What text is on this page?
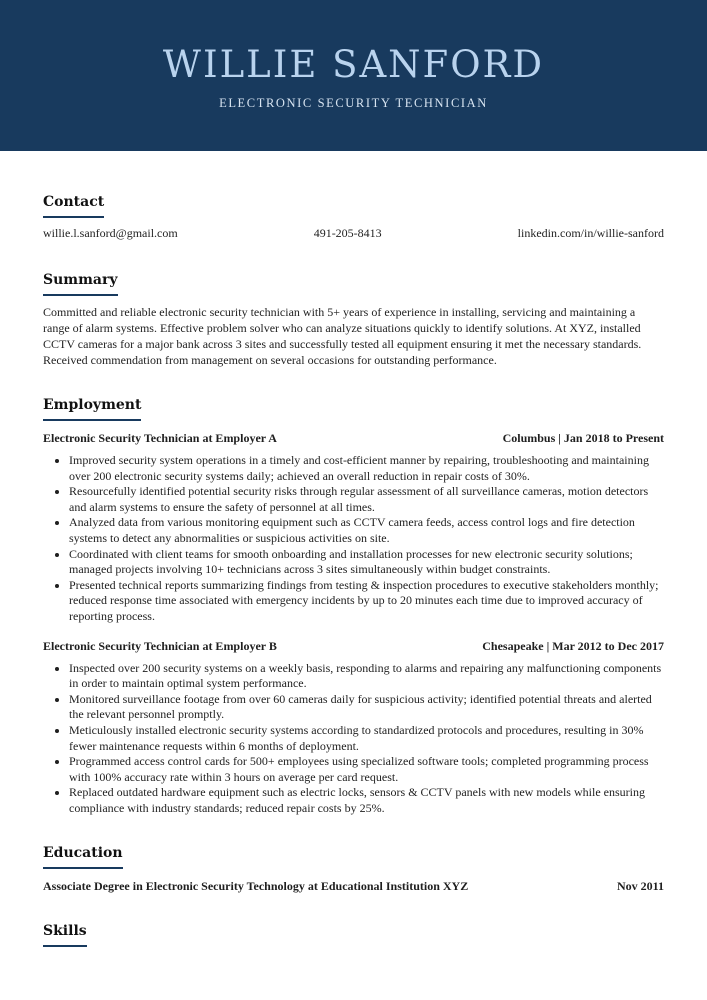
WILLIE SANFORD
ELECTRONIC SECURITY TECHNICIAN
Contact
willie.l.sanford@gmail.com	491-205-8413	linkedin.com/in/willie-sanford
Summary

Committed and reliable electronic security technician with 5+ years of experience in installing, servicing and maintaining a range of alarm systems. Effective problem solver who can analyze situations quickly to identify solutions. At XYZ, installed CCTV cameras for a major bank across 3 sites and successfully tested all equipment ensuring it met the necessary standards. Received commendation from management on several occasions for outstanding performance.

Employment
Electronic Security Technician at Employer A	Columbus | Jan 2018 to Present
• Improved security system operations in a timely and cost-efficient manner by repairing, troubleshooting and maintaining over 200 electronic security systems daily; achieved an overall reduction in repair costs of 30%.
• Resourcefully identified potential security risks through regular assessment of all surveillance cameras, motion detectors and alarm systems to ensure the safety of personnel at all times.
• Analyzed data from various monitoring equipment such as CCTV camera feeds, access control logs and fire detection systems to detect any abnormalities or suspicious activities on site.
• Coordinated with client teams for smooth onboarding and installation processes for new electronic security solutions; managed projects involving 10+ technicians across 3 sites simultaneously within budget constraints.
• Presented technical reports summarizing findings from testing & inspection procedures to executive stakeholders monthly; reduced response time associated with emergency incidents by up to 20 minutes each time due to improved accuracy of reporting process.
Electronic Security Technician at Employer B	Chesapeake | Mar 2012 to Dec 2017
• Inspected over 200 security systems on a weekly basis, responding to alarms and repairing any malfunctioning components in order to maintain optimal system performance.
• Monitored surveillance footage from over 60 cameras daily for suspicious activity; identified potential threats and alerted the relevant personnel promptly.
• Meticulously installed electronic security systems according to standardized protocols and procedures, resulting in 30% fewer maintenance requests within 6 months of deployment.
• Programmed access control cards for 500+ employees using specialized software tools; completed programming process with 100% accuracy rate within 3 hours on average per card request.
• Replaced outdated hardware equipment such as electric locks, sensors & CCTV panels with new models while ensuring compliance with industry standards; reduced repair costs by 25%.
Education
Associate Degree in Electronic Security Technology at Educational Institution XYZ	Nov 2011
Skills
